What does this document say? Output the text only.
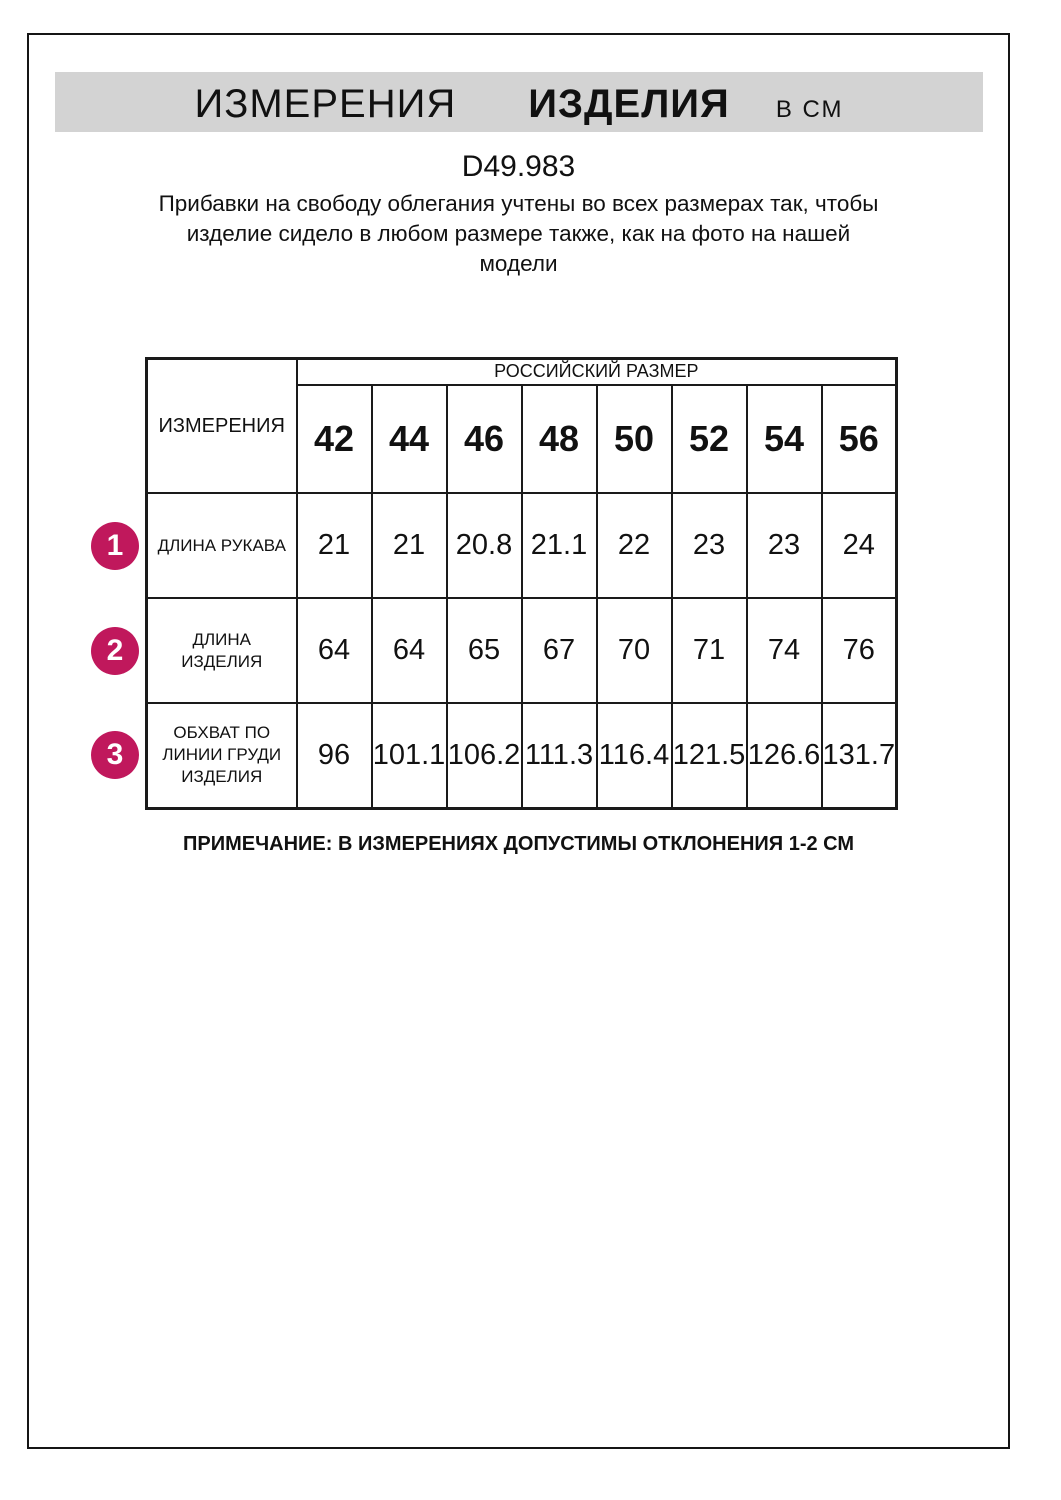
ИЗМЕРЕНИЯ ИЗДЕЛИЯ В СМ
D49.983
Прибавки на свободу облегания учтены во всех размерах так, чтобы
изделие сидело в любом размере также, как на фото на нашей
модели
ИЗМЕРЕНИЯ	РОССИЙСКИЙ РАЗМЕР							
	42	44	46	48	50	52	54	56

1 ДЛИНА РУКАВА	21	21	20.8	21.1	22	23	23	24

2 ДЛИНА
ИЗДЕЛИЯ	64	64	65	67	70	71	74	76

3
ОБХВАТ ПО
ЛИНИИ ГРУДИ
ИЗДЕЛИЯ	96	101.1	106.2	111.3	116.4	121.5	126.6	131.7
ПРИМЕЧАНИЕ: В ИЗМЕРЕНИЯХ ДОПУСТИМЫ ОТКЛОНЕНИЯ 1-2 СМ
